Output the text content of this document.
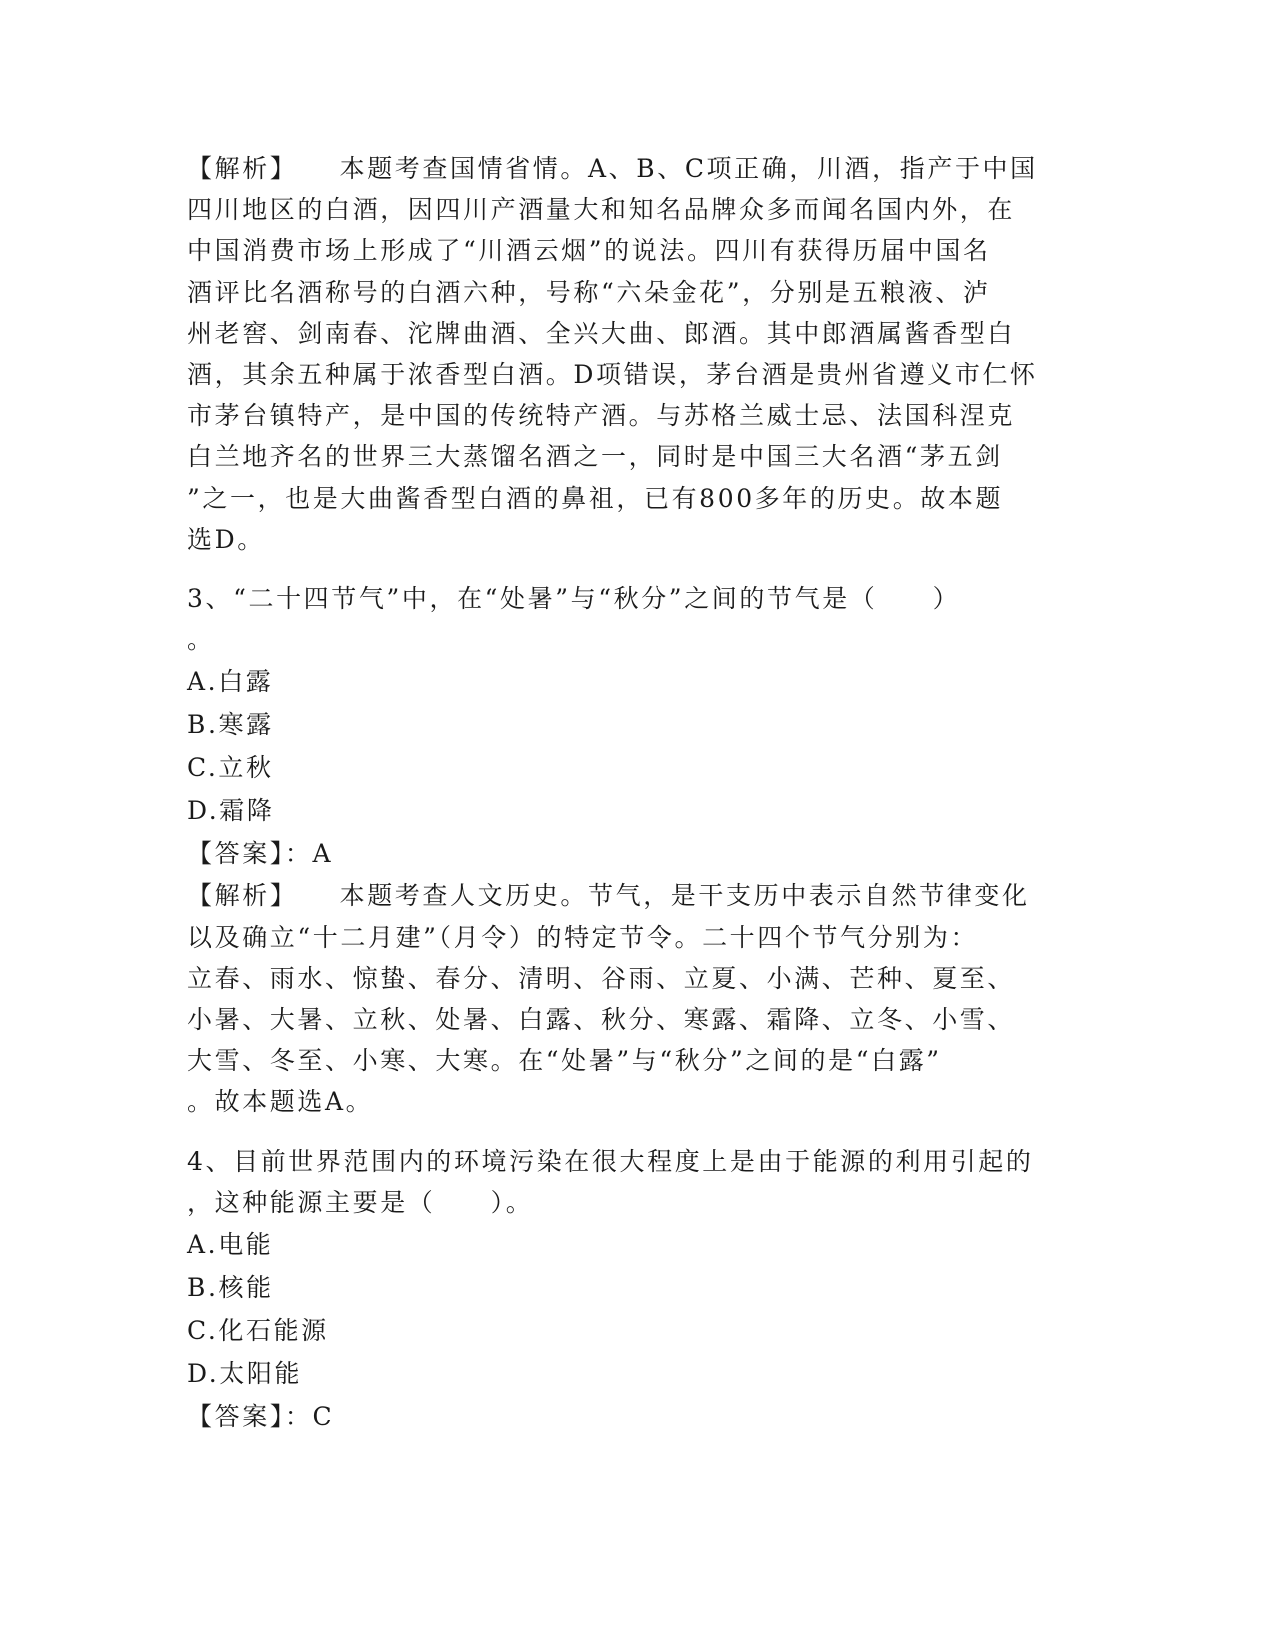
【解析】 本题考查国情省情。A、B、C项正确，川酒，指产于中国
四川地区的白酒，因四川产酒量大和知名品牌众多而闻名国内外，在
中国消费市场上形成了“川酒云烟”的说法。四川有获得历届中国名
酒评比名酒称号的白酒六种，号称“六朵金花”，分别是五粮液、泸
州老窖、剑南春、沱牌曲酒、全兴大曲、郎酒。其中郎酒属酱香型白
酒，其余五种属于浓香型白酒。D项错误，茅台酒是贵州省遵义市仁怀
市茅台镇特产，是中国的传统特产酒。与苏格兰威士忌、法国科涅克
白兰地齐名的世界三大蒸馏名酒之一，同时是中国三大名酒“茅五剑
”之一，也是大曲酱香型白酒的鼻祖，已有800多年的历史。故本题
选D。
3、“二十四节气”中，在“处暑”与“秋分”之间的节气是（　　）
。

A.白露

B.寒露

C.立秋

D.霜降

【答案】：A

【解析】 本题考查人文历史。节气，是干支历中表示自然节律变化
以及确立“十二月建”（月令）的特定节令。二十四个节气分别为：
立春、雨水、惊蛰、春分、清明、谷雨、立夏、小满、芒种、夏至、
小暑、大暑、立秋、处暑、白露、秋分、寒露、霜降、立冬、小雪、
大雪、冬至、小寒、大寒。在“处暑”与“秋分”之间的是“白露”
。故本题选A。
4、目前世界范围内的环境污染在很大程度上是由于能源的利用引起的
，这种能源主要是（　　）。

A.电能

B.核能

C.化石能源

D.太阳能

【答案】：C
